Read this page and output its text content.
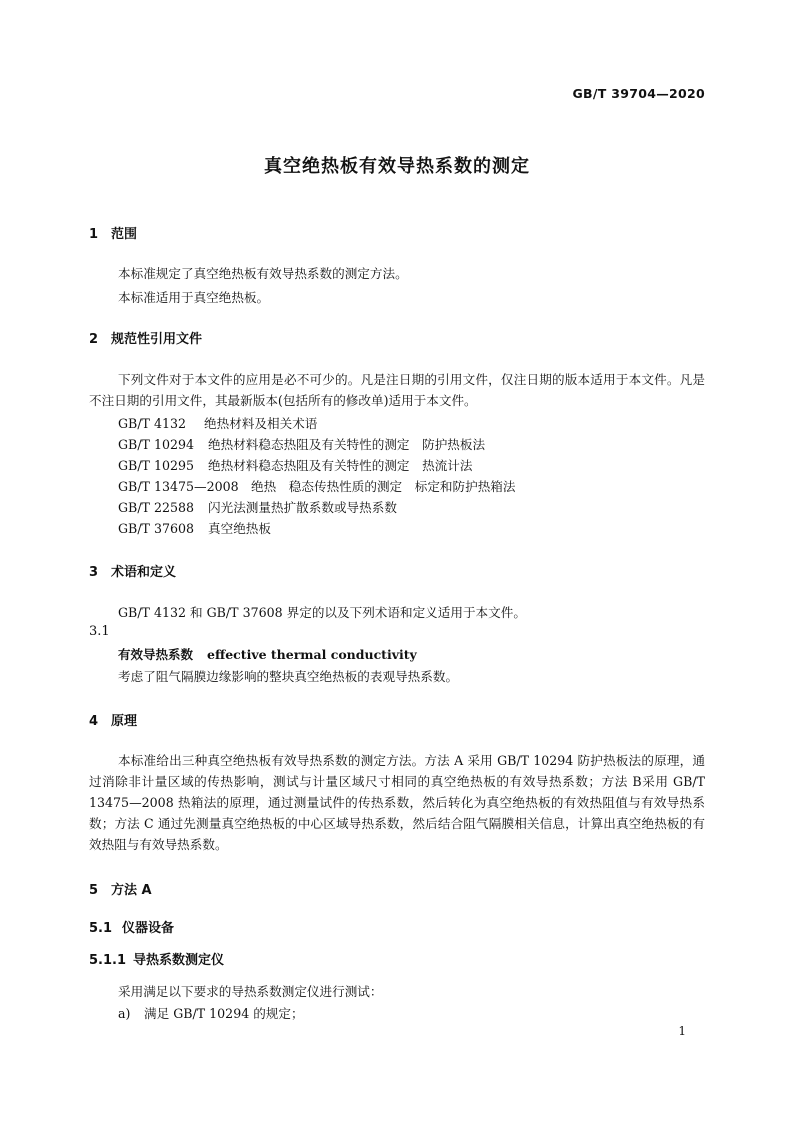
GB/T 39704—2020
真空绝热板有效导热系数的测定
1 范围
本标准规定了真空绝热板有效导热系数的测定方法。
本标准适用于真空绝热板。
2 规范性引用文件
下列文件对于本文件的应用是必不可少的。凡是注日期的引用文件，仅注日期的版本适用于本文件。凡是不注日期的引用文件，其最新版本(包括所有的修改单)适用于本文件。
GB/T 4132 绝热材料及相关术语
GB/T 10294 绝热材料稳态热阻及有关特性的测定　防护热板法
GB/T 10295 绝热材料稳态热阻及有关特性的测定　热流计法
GB/T 13475—2008 绝热　稳态传热性质的测定　标定和防护热箱法
GB/T 22588 闪光法测量热扩散系数或导热系数
GB/T 37608 真空绝热板
3 术语和定义
GB/T 4132 和 GB/T 37608 界定的以及下列术语和定义适用于本文件。
3.1
有效导热系数 effective thermal conductivity
考虑了阻气隔膜边缘影响的整块真空绝热板的表观导热系数。
4 原理
本标准给出三种真空绝热板有效导热系数的测定方法。方法 A 采用 GB/T 10294 防护热板法的原理，通过消除非计量区域的传热影响，测试与计量区域尺寸相同的真空绝热板的有效导热系数；方法 B采用 GB/T 13475—2008 热箱法的原理，通过测量试件的传热系数，然后转化为真空绝热板的有效热阻值与有效导热系数；方法 C 通过先测量真空绝热板的中心区域导热系数，然后结合阻气隔膜相关信息，计算出真空绝热板的有效热阻与有效导热系数。
5 方法 A
5.1 仪器设备
5.1.1 导热系数测定仪
采用满足以下要求的导热系数测定仪进行测试：
a) 满足 GB/T 10294 的规定；
1
